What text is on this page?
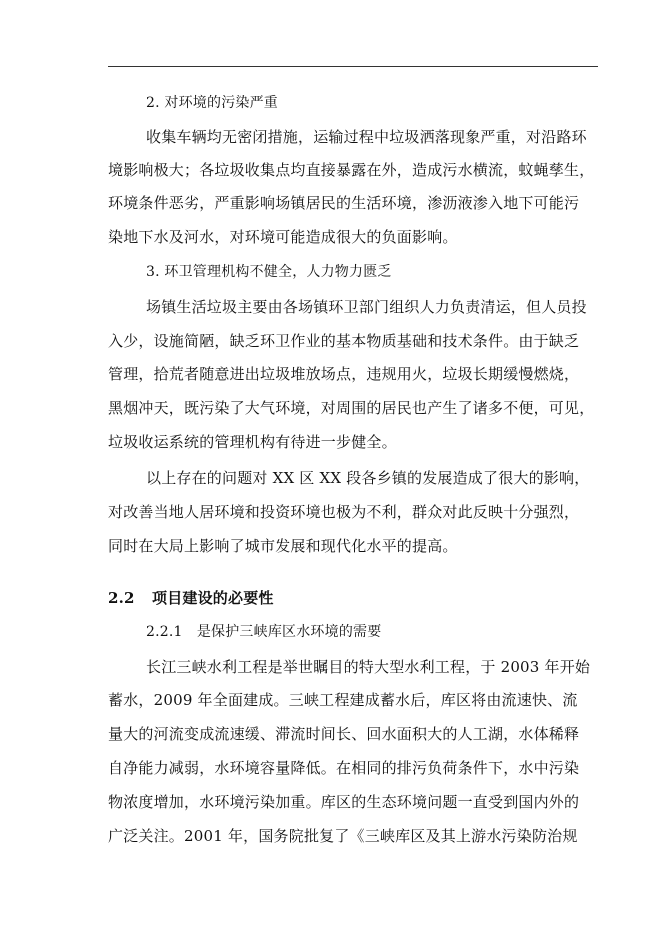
2. 对环境的污染严重
收集车辆均无密闭措施，运输过程中垃圾洒落现象严重，对沿路环
境影响极大；各垃圾收集点均直接暴露在外，造成污水横流，蚊蝇孳生，
环境条件恶劣，严重影响场镇居民的生活环境，渗沥液渗入地下可能污
染地下水及河水，对环境可能造成很大的负面影响。
3. 环卫管理机构不健全，人力物力匮乏
场镇生活垃圾主要由各场镇环卫部门组织人力负责清运，但人员投
入少，设施简陋，缺乏环卫作业的基本物质基础和技术条件。由于缺乏
管理，拾荒者随意进出垃圾堆放场点，违规用火，垃圾长期缓慢燃烧，
黑烟冲天，既污染了大气环境，对周围的居民也产生了诸多不便，可见，
垃圾收运系统的管理机构有待进一步健全。
以上存在的问题对 XX 区 XX 段各乡镇的发展造成了很大的影响，
对改善当地人居环境和投资环境也极为不利，群众对此反映十分强烈，
同时在大局上影响了城市发展和现代化水平的提高。
2.2 项目建设的必要性
2.2.1　是保护三峡库区水环境的需要
长江三峡水利工程是举世瞩目的特大型水利工程，于 2003 年开始
蓄水，2009 年全面建成。三峡工程建成蓄水后，库区将由流速快、流
量大的河流变成流速缓、滞流时间长、回水面积大的人工湖，水体稀释
自净能力减弱，水环境容量降低。在相同的排污负荷条件下，水中污染
物浓度增加，水环境污染加重。库区的生态环境问题一直受到国内外的
广泛关注。2001 年，国务院批复了《三峡库区及其上游水污染防治规
